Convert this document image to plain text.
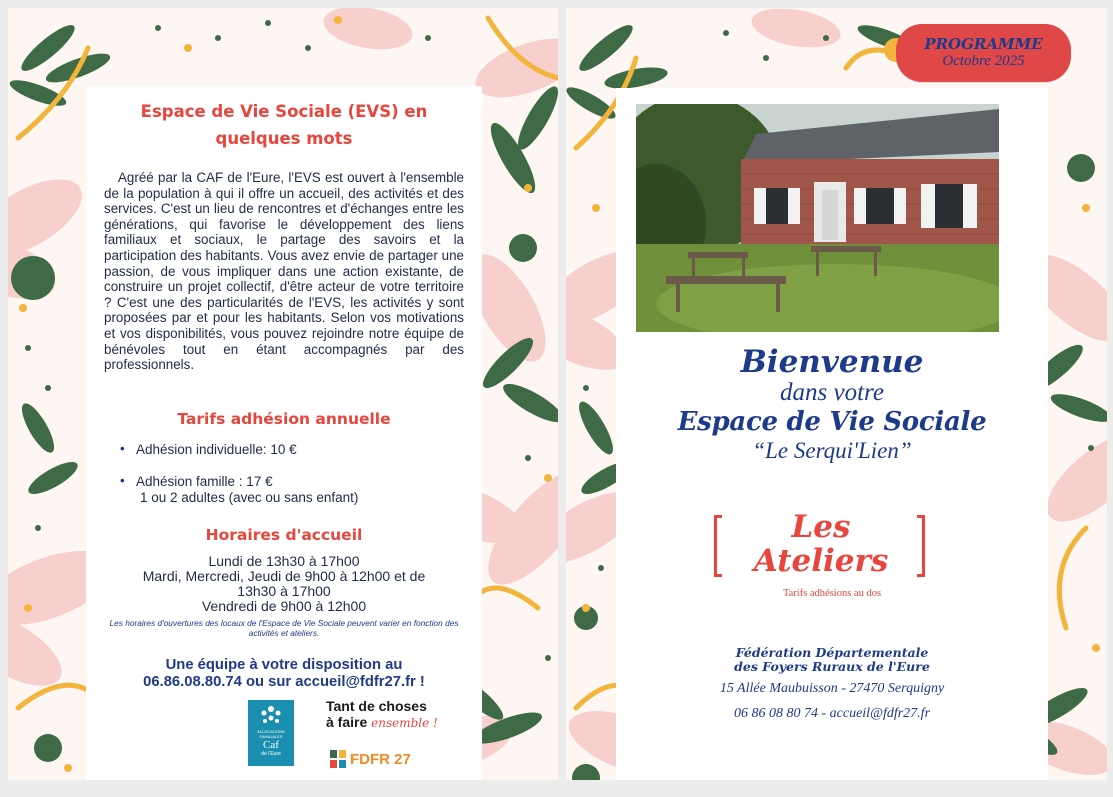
Espace de Vie Sociale (EVS) en
quelques mots
Agréé par la CAF de l'Eure, l'EVS est ouvert à l'ensemble de la population à qui il offre un accueil, des activités et des services. C'est un lieu de rencontres et d'échanges entre les générations, qui favorise le développement des liens familiaux et sociaux, le partage des savoirs et la participation des habitants. Vous avez envie de partager une passion, de vous impliquer dans une action existante, de construire un projet collectif, d'être acteur de votre territoire ? C'est une des particularités de l'EVS, les activités y sont proposées par et pour les habitants. Selon vos motivations et vos disponibilités, vous pouvez rejoindre notre équipe de bénévoles tout en étant accompagnés par des professionnels.
Tarifs adhésion annuelle
• Adhésion individuelle: 10 €
• Adhésion famille : 17 €
1 ou 2 adultes (avec ou sans enfant)
Horaires d'accueil
Lundi de 13h30 à 17h00
Mardi, Mercredi, Jeudi de 9h00 à 12h00 et de
13h30 à 17h00
Vendredi de 9h00 à 12h00
Les horaires d'ouvertures des locaux de l'Espace de Vie Sociale peuvent varier en fonction des activités et ateliers.
Une équipe à votre disposition au
06.86.08.80.74 ou sur accueil@fdfr27.fr !
ALLOCATIONS
FAMILIALES
Caf
de l'Eure
Tant de choses
à faire ensemble !
FDFR 27
PROGRAMME
Octobre 2025
Bienvenue
dans votre
Espace de Vie Sociale
“Le Serqui'Lien”
Les
Ateliers
Tarifs adhésions au dos
Fédération Départementale
des Foyers Ruraux de l'Eure
15 Allée Maubuisson - 27470 Serquigny
06 86 08 80 74 - accueil@fdfr27.fr
